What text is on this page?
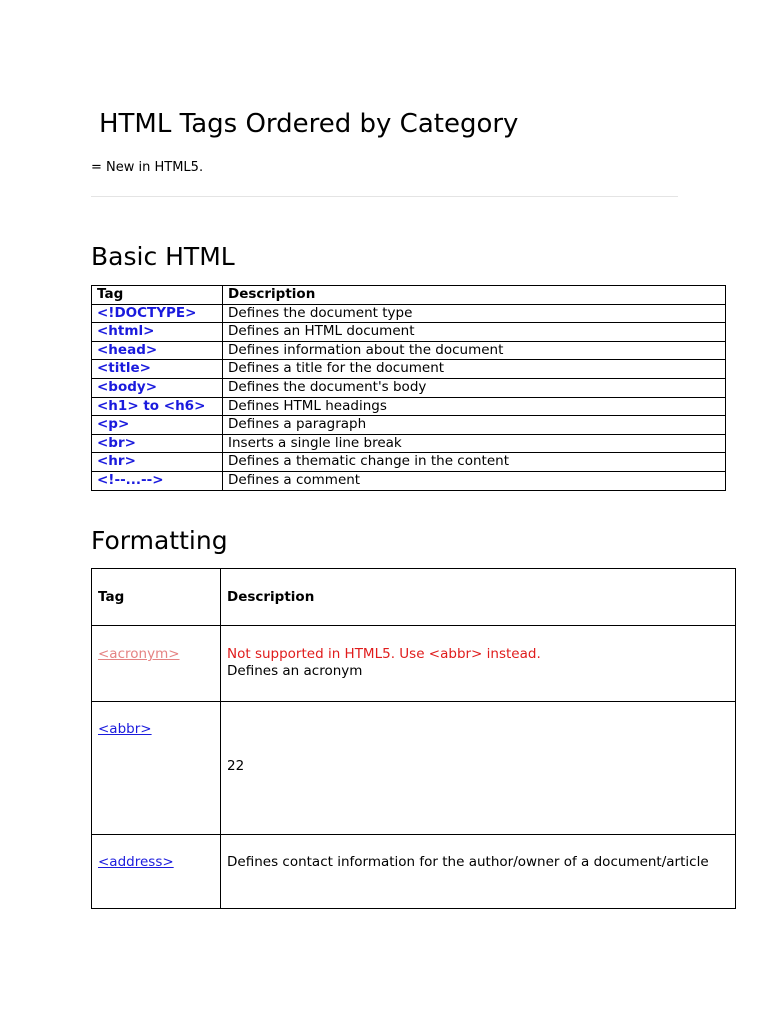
HTML Tags Ordered by Category

= New in HTML5.

Basic HTML
Tag	Description
<!DOCTYPE>	Defines the document type
<html>	Defines an HTML document
<head>	Defines information about the document
<title>	Defines a title for the document
<body>	Defines the document's body
<h1> to <h6>	Defines HTML headings
<p>	Defines a paragraph
<br>	Inserts a single line break
<hr>	Defines a thematic change in the content
<!--...-->	Defines a comment
Formatting
Tag	Description
<acronym>	Not supported in HTML5. Use <abbr> instead.
Defines an acronym

<abbr>	22

<address>	Defines contact information for the author/owner of a document/article
